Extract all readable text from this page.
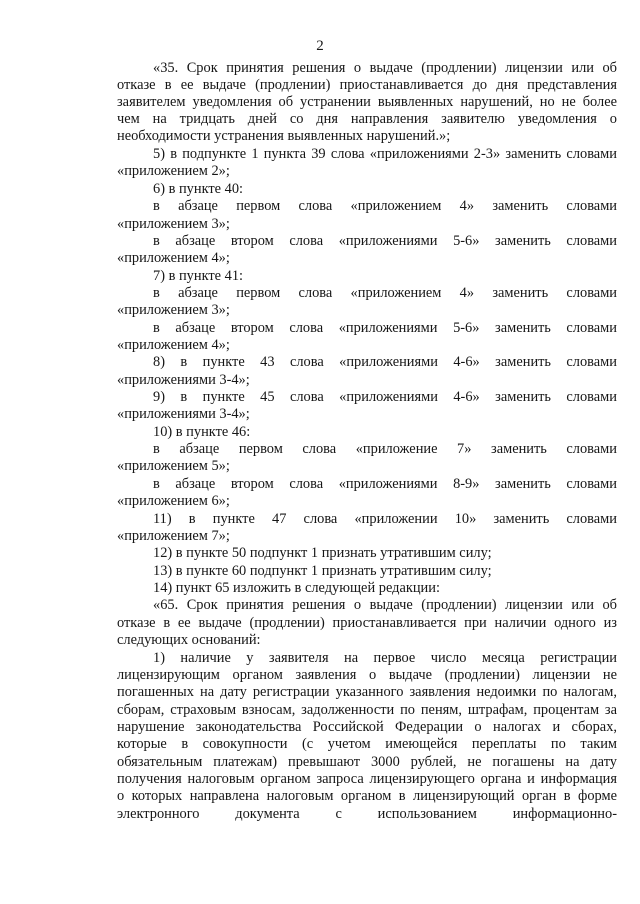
2
«35. Срок принятия решения о выдаче (продлении) лицензии или об
отказе в ее выдаче (продлении) приостанавливается до дня представления
заявителем уведомления об устранении выявленных нарушений, но не более
чем на тридцать дней со дня направления заявителю уведомления о
необходимости устранения выявленных нарушений.»;
5) в подпункте 1 пункта 39 слова «приложениями 2-3» заменить словами
«приложением 2»;
6) в пункте 40:
в абзаце первом слова «приложением 4» заменить словами
«приложением 3»;
в абзаце втором слова «приложениями 5-6» заменить словами
«приложением 4»;
7) в пункте 41:
в абзаце первом слова «приложением 4» заменить словами
«приложением 3»;
в абзаце втором слова «приложениями 5-6» заменить словами
«приложением 4»;
8) в пункте 43 слова «приложениями 4-6» заменить словами
«приложениями 3-4»;
9) в пункте 45 слова «приложениями 4-6» заменить словами
«приложениями 3-4»;
10) в пункте 46:
в абзаце первом слова «приложение 7» заменить словами
«приложением 5»;
в абзаце втором слова «приложениями 8-9» заменить словами
«приложением 6»;
11) в пункте 47 слова «приложении 10» заменить словами
«приложением 7»;
12) в пункте 50 подпункт 1 признать утратившим силу;
13) в пункте 60 подпункт 1 признать утратившим силу;
14) пункт 65 изложить в следующей редакции:
«65. Срок принятия решения о выдаче (продлении) лицензии или об
отказе в ее выдаче (продлении) приостанавливается при наличии одного из
следующих оснований:
1) наличие у заявителя на первое число месяца регистрации
лицензирующим органом заявления о выдаче (продлении) лицензии не
погашенных на дату регистрации указанного заявления недоимки по налогам,
сборам, страховым взносам, задолженности по пеням, штрафам, процентам за
нарушение законодательства Российской Федерации о налогах и сборах,
которые в совокупности (с учетом имеющейся переплаты по таким
обязательным платежам) превышают 3000 рублей, не погашены на дату
получения налоговым органом запроса лицензирующего органа и информация
о которых направлена налоговым органом в лицензирующий орган в форме
электронного документа с использованием информационно-
